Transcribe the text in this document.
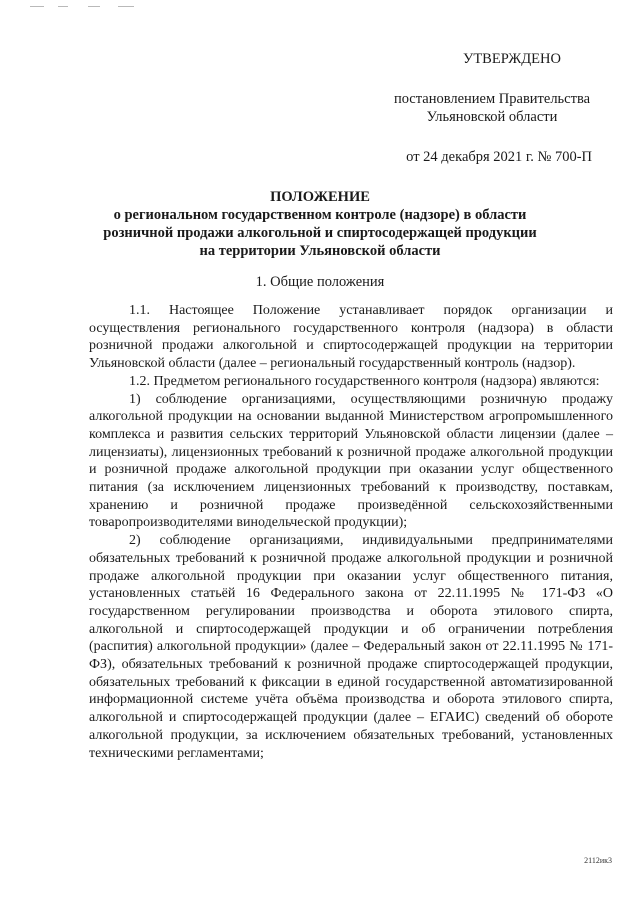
УТВЕРЖДЕНО
постановлением Правительства
Ульяновской области
от 24 декабря 2021 г. № 700-П
ПОЛОЖЕНИЕ
о региональном государственном контроле (надзоре) в области
розничной продажи алкогольной и спиртосодержащей продукции
на территории Ульяновской области
1. Общие положения

1.1. Настоящее Положение устанавливает порядок организации и осуществления регионального государственного контроля (надзора) в области розничной продажи алкогольной и спиртосодержащей продукции на территории Ульяновской области (далее – региональный государственный контроль (надзор).

1.2. Предметом регионального государственного контроля (надзора) являются:

1) соблюдение организациями, осуществляющими розничную продажу алкогольной продукции на основании выданной Министерством агропромышленного комплекса и развития сельских территорий Ульяновской области лицензии (далее – лицензиаты), лицензионных требований к розничной продаже алкогольной продукции и розничной продаже алкогольной продукции при оказании услуг общественного питания (за исключением лицензионных требований к производству, поставкам, хранению и розничной продаже произведённой сельскохозяйственными товаропроизводителями винодельческой продукции);

2) соблюдение организациями, индивидуальными предпринимателями обязательных требований к розничной продаже алкогольной продукции и розничной продаже алкогольной продукции при оказании услуг общественного питания, установленных статьёй 16 Федерального закона от 22.11.1995 № 171-ФЗ «О государственном регулировании производства и оборота этилового спирта, алкогольной и спиртосодержащей продукции и об ограничении потребления (распития) алкогольной продукции» (далее – Федеральный закон от 22.11.1995 № 171-ФЗ), обязательных требований к розничной продаже спиртосодержащей продукции, обязательных требований к фиксации в единой государственной автоматизированной информационной системе учёта объёма производства и оборота этилового спирта, алкогольной и спиртосодержащей продукции (далее – ЕГАИС) сведений об обороте алкогольной продукции, за исключением обязательных требований, установленных техническими регламентами;

2112ик3
